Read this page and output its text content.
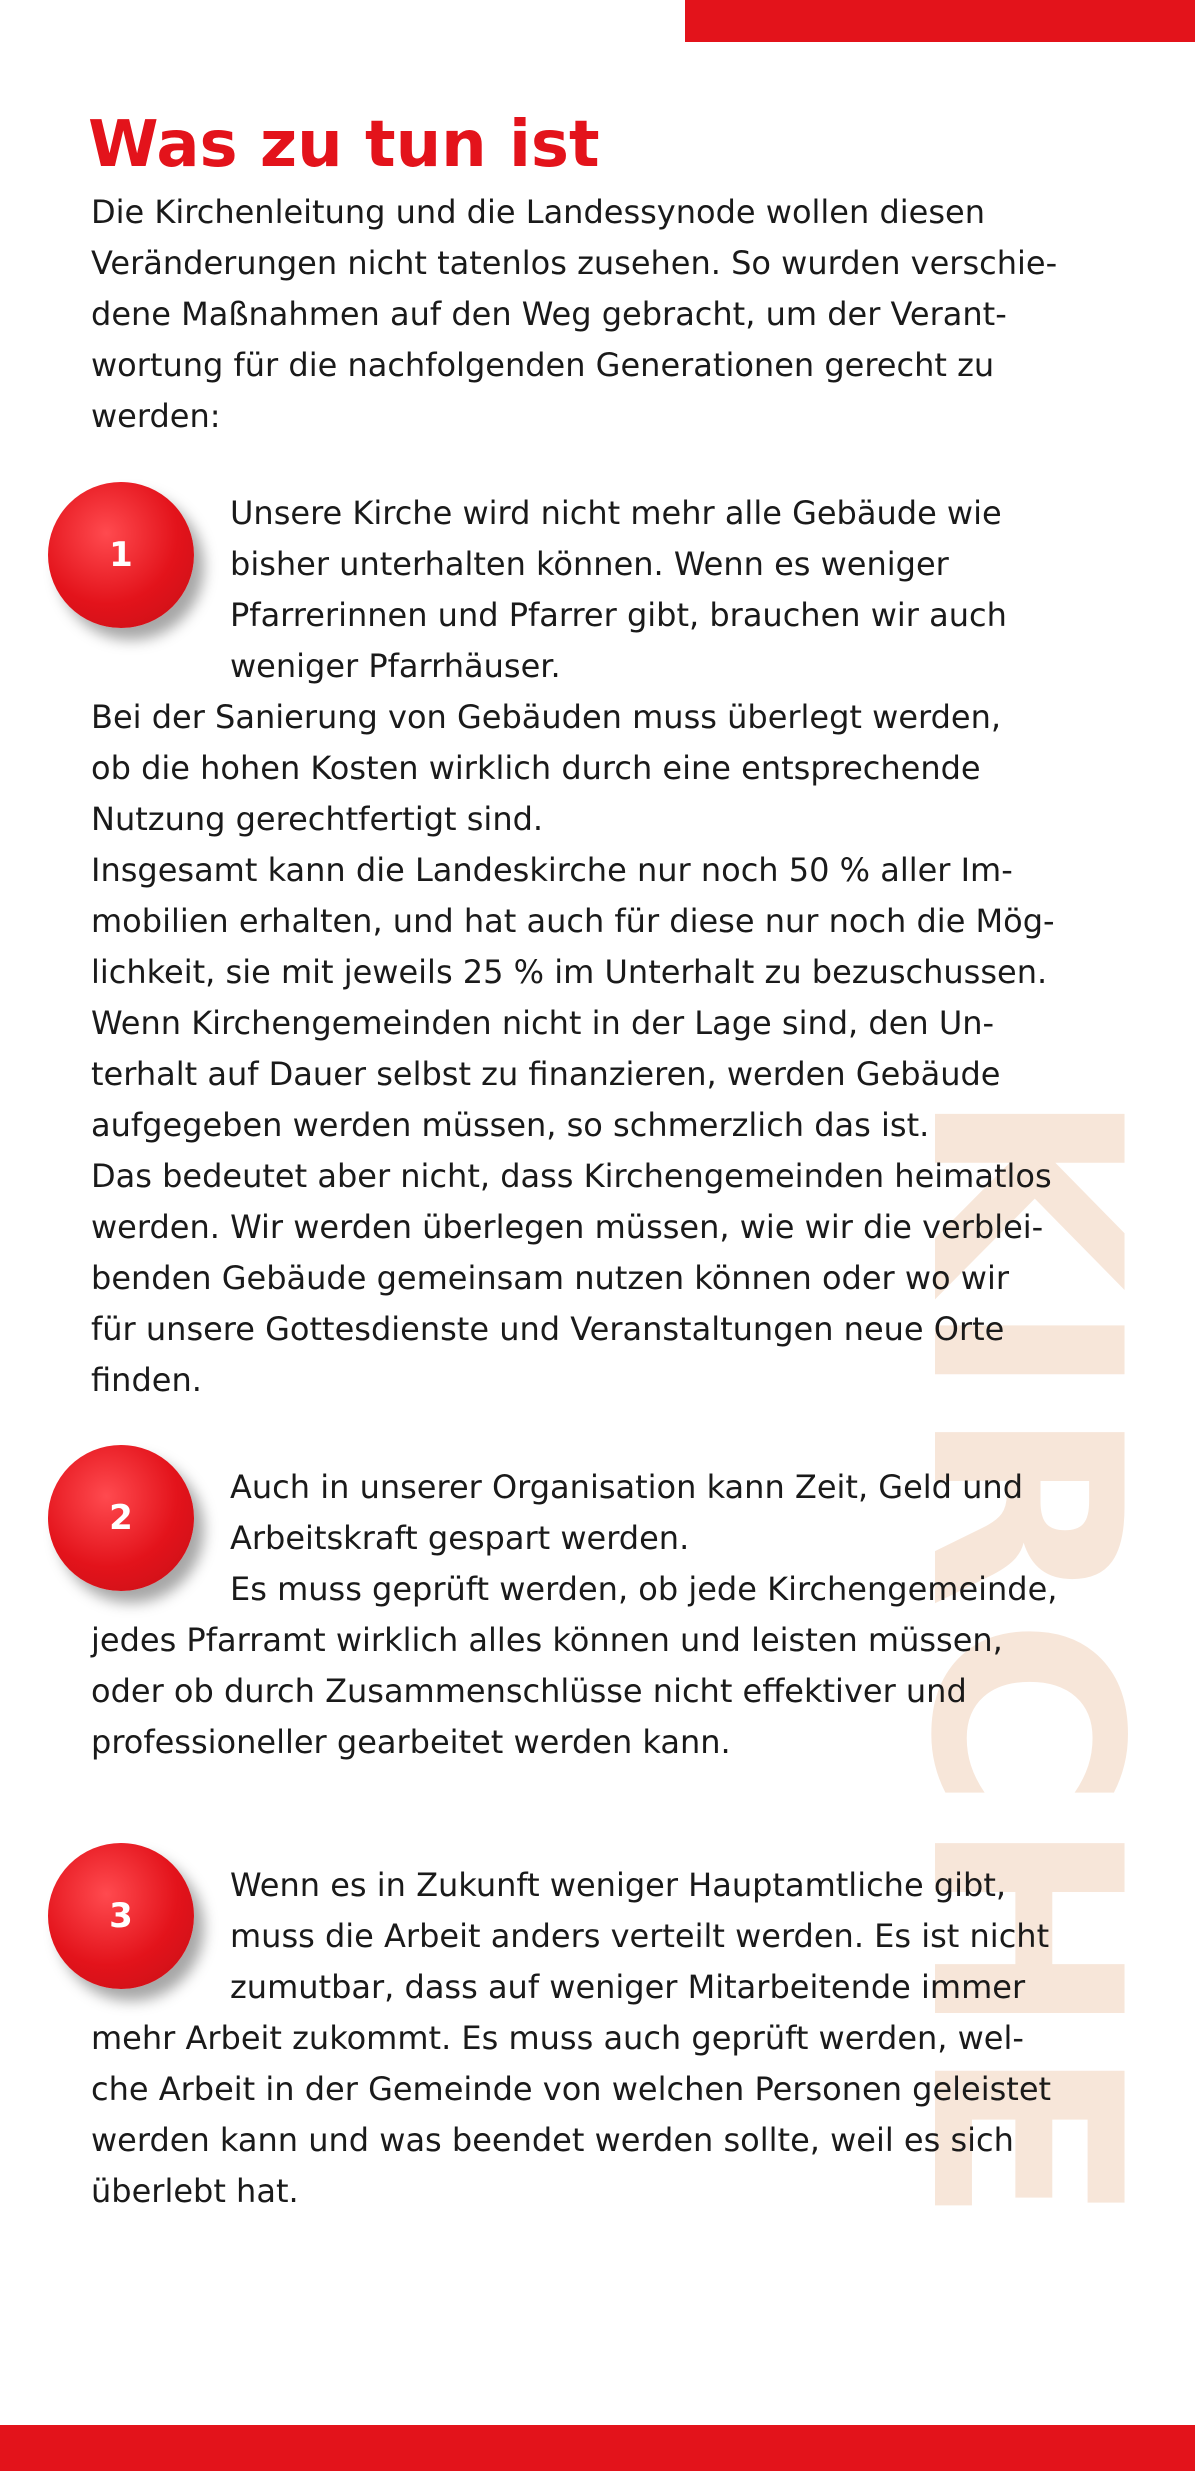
KIRCHE
Was zu tun ist
Die Kirchenleitung und die Landessynode wollen diesen
Veränderungen nicht tatenlos zusehen. So wurden verschie-
dene Maßnahmen auf den Weg gebracht, um der Verant-
wortung für die nachfolgenden Generationen gerecht zu
werden:
1
Unsere Kirche wird nicht mehr alle Gebäude wie
bisher unterhalten können. Wenn es weniger
Pfarrerinnen und Pfarrer gibt, brauchen wir auch
weniger Pfarrhäuser.
Bei der Sanierung von Gebäuden muss überlegt werden,
ob die hohen Kosten wirklich durch eine entsprechende
Nutzung gerechtfertigt sind.
Insgesamt kann die Landeskirche nur noch 50 % aller Im-
mobilien erhalten, und hat auch für diese nur noch die Mög-
lichkeit, sie mit jeweils 25 % im Unterhalt zu bezuschussen.
Wenn Kirchengemeinden nicht in der Lage sind, den Un-
terhalt auf Dauer selbst zu finanzieren, werden Gebäude
aufgegeben werden müssen, so schmerzlich das ist.
Das bedeutet aber nicht, dass Kirchengemeinden heimatlos
werden. Wir werden überlegen müssen, wie wir die verblei-
benden Gebäude gemeinsam nutzen können oder wo wir
für unsere Gottesdienste und Veranstaltungen neue Orte
finden.
2
Auch in unserer Organisation kann Zeit, Geld und
Arbeitskraft gespart werden.
Es muss geprüft werden, ob jede Kirchengemeinde,
jedes Pfarramt wirklich alles können und leisten müssen,
oder ob durch Zusammenschlüsse nicht effektiver und
professioneller gearbeitet werden kann.
3
Wenn es in Zukunft weniger Hauptamtliche gibt,
muss die Arbeit anders verteilt werden. Es ist nicht
zumutbar, dass auf weniger Mitarbeitende immer
mehr Arbeit zukommt. Es muss auch geprüft werden, wel-
che Arbeit in der Gemeinde von welchen Personen geleistet
werden kann und was beendet werden sollte, weil es sich
überlebt hat.
